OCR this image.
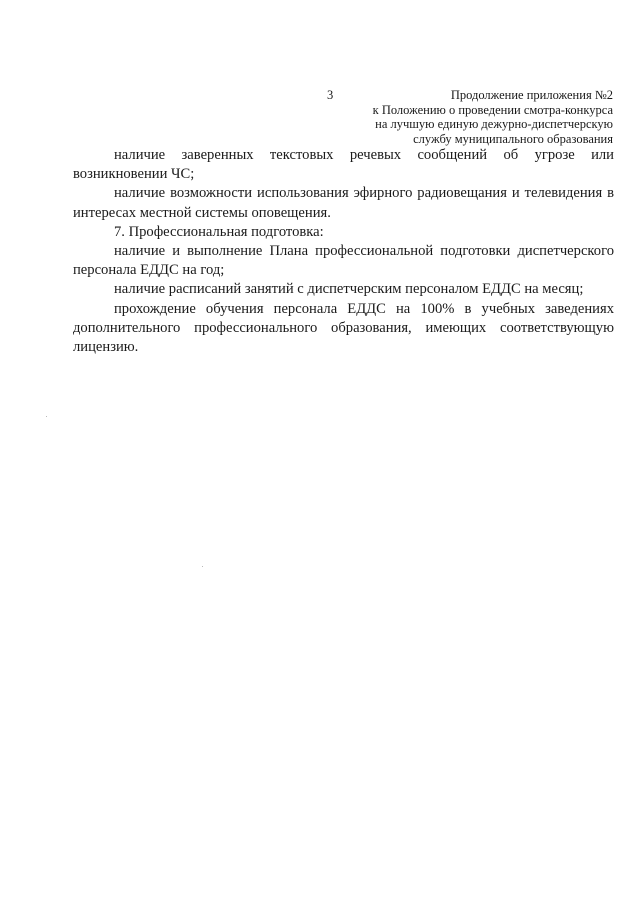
3	Продолжение приложения №2
к Положению о проведении смотра-конкурса
на лучшую единую дежурно-диспетчерскую
службу муниципального образования

наличие заверенных текстовых речевых сообщений об угрозе или возникновении ЧС;

наличие возможности использования эфирного радиовещания и телевидения в интересах местной системы оповещения.

7. Профессиональная подготовка:

наличие и выполнение Плана профессиональной подготовки диспетчерского персонала ЕДДС на год;

наличие расписаний занятий с диспетчерским персоналом ЕДДС на месяц;

прохождение обучения персонала ЕДДС на 100% в учебных заведениях дополнительного профессионального образования, имеющих соответствующую лицензию.
